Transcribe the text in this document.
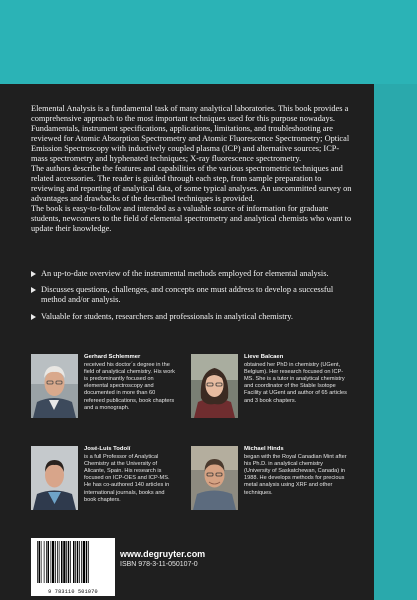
Elemental Analysis is a fundamental task of many analytical laboratories. This book provides a comprehensive approach to the most important techniques used for this purpose nowadays. Fundamentals, instrument specifications, applications, limitations, and troubleshooting are reviewed for Atomic Absorption Spectrometry and Atomic Fluorescence Spectrometry; Optical Emission Spectroscopy with inductively coupled plasma (ICP) and alternative sources; ICP- mass spectrometry and hyphenated techniques; X-ray fluorescence spectrometry.

The authors describe the features and capabilities of the various spectrometric techniques and related accessories. The reader is guided through each step, from sample preparation to reviewing and reporting of analytical data, of some typical analyses. An uncommitted survey on advantages and drawbacks of the described techniques is provided.

The book is easy-to-follow and intended as a valuable source of information for graduate students, newcomers to the field of elemental spectrometry and analytical chemists who want to update their knowledge.

An up-to-date overview of the instrumental methods employed for elemental analysis.
Discusses questions, challenges, and concepts one must address to develop a successful method and/or analysis.
Valuable for students, researchers and professionals in analytical chemistry.
Gerhard Schlemmer
received his doctor´s degree in the field of analytical chemistry. His work is predominantly focused on elemental spectroscopy and documented in more than 60 refereed publications, book chapters and a monograph.
Lieve Balcaen
obtained her PhD in chemistry (UGent, Belgium). Her research focused on ICP-MS. She is a tutor in analytical chemistry and coordinator of the Stable Isotope Facility at UGent and author of 65 articles and 3 book chapters.
José-Luis Todolí
is a full Professor of Analytical Chemistry at the University of Alicante, Spain. His research is focused on ICP-OES and ICP-MS. He has co-authored 140 articles in international journals, books and book chapters.
Michael Hinds
began with the Royal Canadian Mint after his Ph.D. in analytical chemistry (University of Saskatchewan, Canada) in 1988. He develops methods for precious metal analysis using XRF and other techniques.
9 783110 501070
www.degruyter.com
ISBN 978-3-11-050107-0
